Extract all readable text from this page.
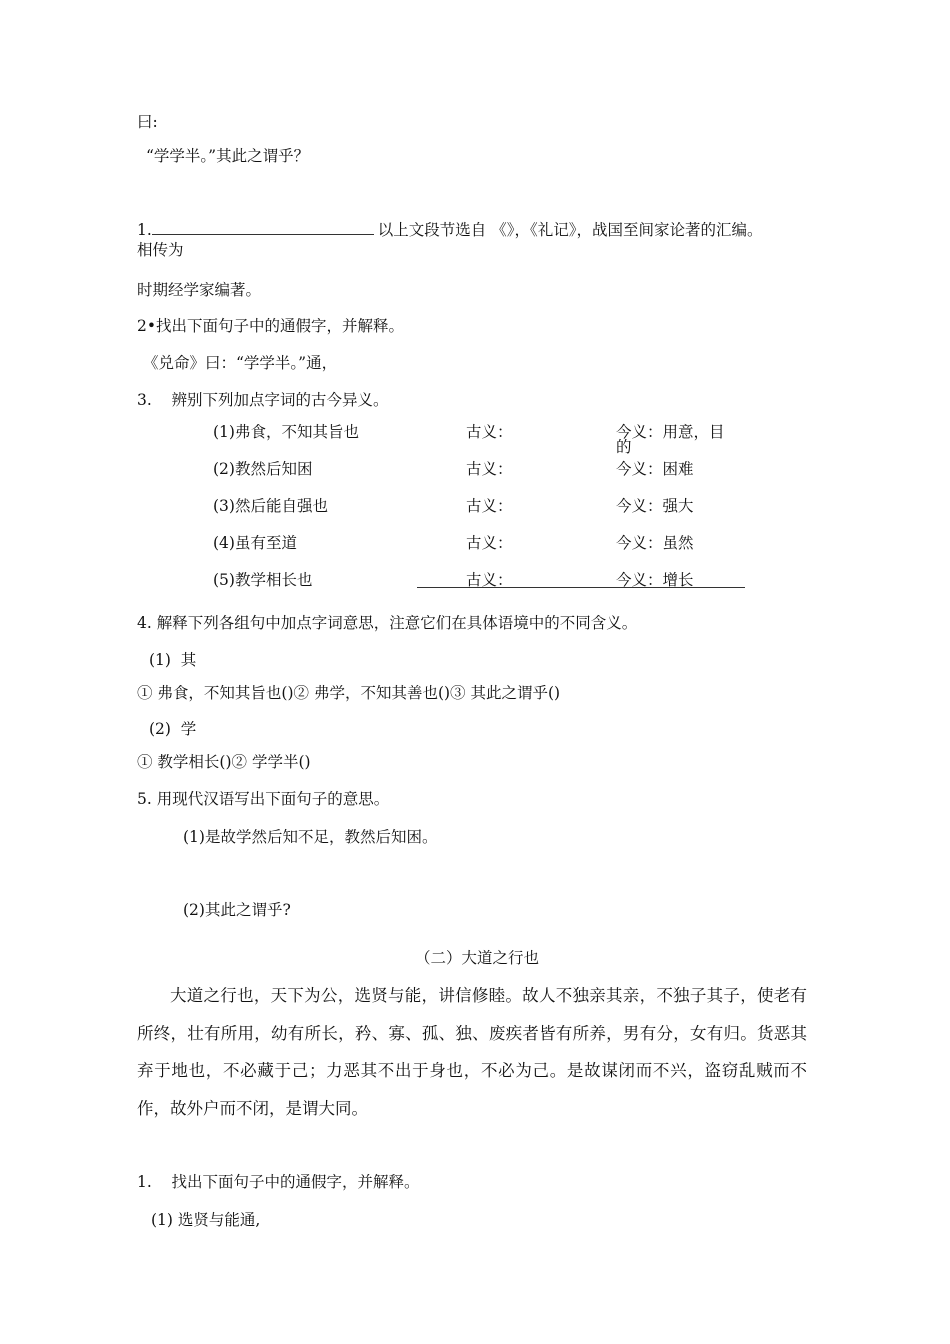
曰:
“学学半。”其此之谓乎？
1.	以上文段节选自 《》，《礼记》，战国至间家论著的汇编。
相传为
时期经学家编著。
2•找出下面句子中的通假字，并解释。
《兑命》曰：“学学半。”通，
3.    辨别下列加点字词的古今异义。
(1)弗食，不知其旨也	古义：	今义：用意，目
的
(2)教然后知困	古义：	今义：困难
(3)然后能自强也	古义：	今义：强大
(4)虽有至道	古义：	今义：虽然
(5)教学相长也	古义：	今义：增长
4. 解释下列各组句中加点字词意思，注意它们在具体语境中的不同含义。
(1)  其
① 弗食，不知其旨也()② 弗学，不知其善也()③ 其此之谓乎()
(2)  学
① 教学相长()② 学学半()
5. 用现代汉语写出下面句子的意思。
(1)是故学然后知不足，教然后知困。
(2)其此之谓乎?
（二）大道之行也
大道之行也，天下为公，选贤与能，讲信修睦。故人不独亲其亲，不独子其子，使老有所终，壮有所用，幼有所长，矜、寡、孤、独、废疾者皆有所养，男有分，女有归。货恶其弃于地也，不必藏于己；力恶其不出于身也，不必为己。是故谋闭而不兴，盗窃乱贼而不作，故外户而不闭，是谓大同。
1.    找出下面句子中的通假字，并解释。
(1) 选贤与能通,
